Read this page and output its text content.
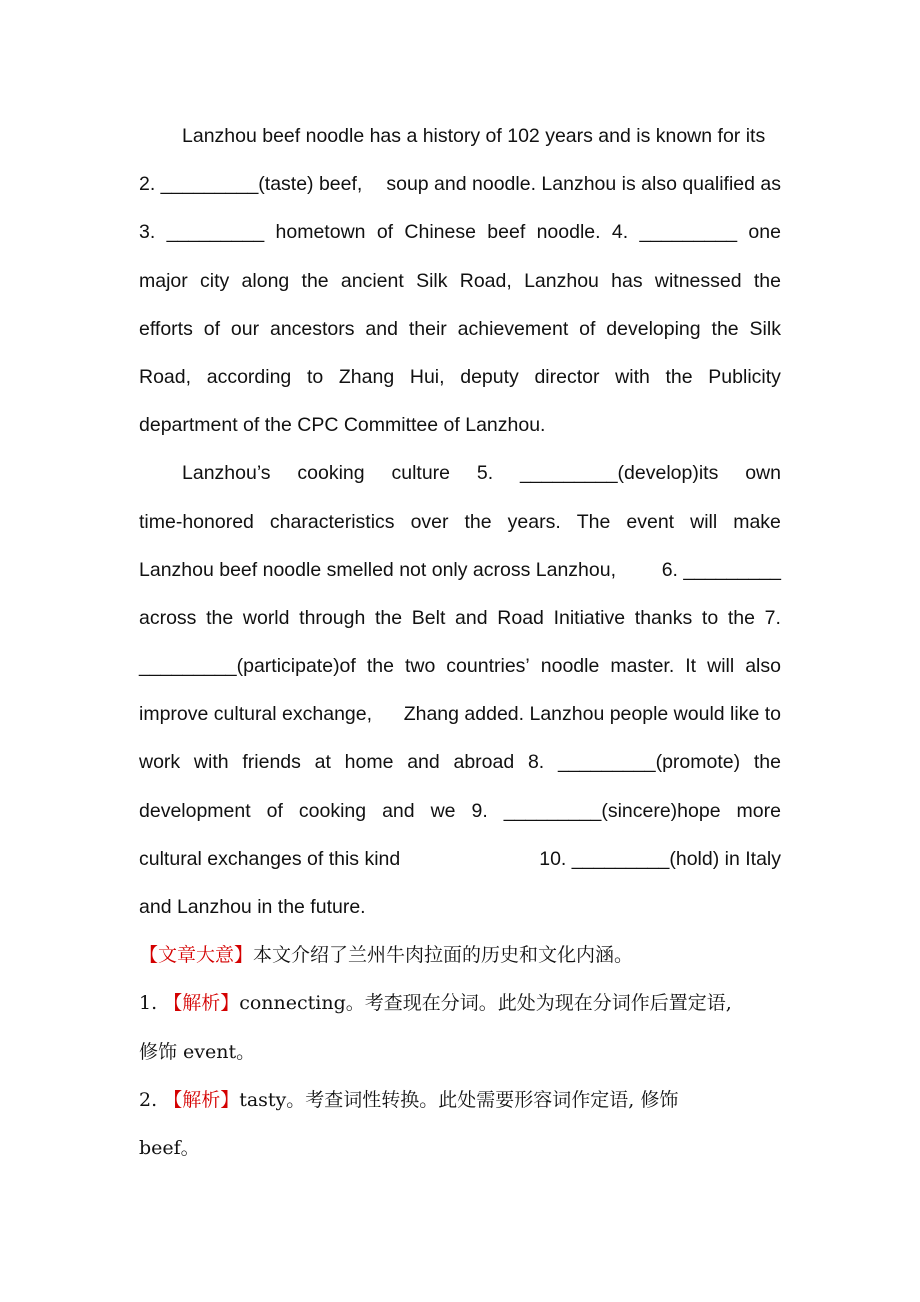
Lanzhou beef noodle has a history of 102 years and is known for its
2. _________(taste) beef, soup and noodle. Lanzhou is also qualified as
3. _________ hometown of Chinese beef noodle. 4. _________ one
major city along the ancient Silk Road, Lanzhou has witnessed the
efforts of our ancestors and their achievement of developing the Silk
Road, according to Zhang Hui, deputy director with the Publicity
department of the CPC Committee of Lanzhou.
Lanzhou’s cooking culture 5. _________(develop)its own
time-honored characteristics over the years. The event will make
Lanzhou beef noodle smelled not only across Lanzhou, 6. _________
across the world through the Belt and Road Initiative thanks to the 7.
_________(participate)of the two countries’ noodle master. It will also
improve cultural exchange, Zhang added. Lanzhou people would like to
work with friends at home and abroad 8. _________(promote) the
development of cooking and we 9. _________(sincere)hope more
cultural exchanges of this kind	10. _________(hold) in Italy
and Lanzhou in the future.
【文章大意】本文介绍了兰州牛肉拉面的历史和文化内涵。
1. 【解析】connecting。考查现在分词。此处为现在分词作后置定语,
修饰 event。
2. 【解析】tasty。考查词性转换。此处需要形容词作定语, 修饰
beef。
